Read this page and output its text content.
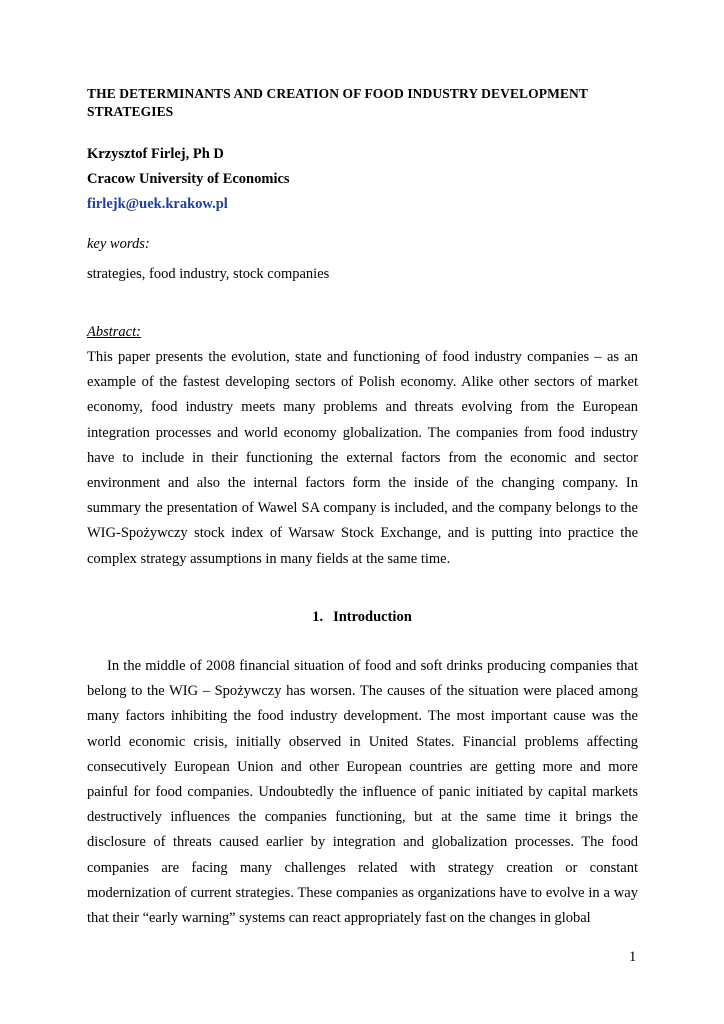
THE DETERMINANTS AND CREATION OF FOOD INDUSTRY DEVELOPMENT STRATEGIES
Krzysztof Firlej, Ph D
Cracow University of Economics
firlejk@uek.krakow.pl
key words:
strategies, food industry, stock companies
Abstract:

This paper presents the evolution, state and functioning of food industry companies – as an example of the fastest developing sectors of Polish economy. Alike other sectors of market economy, food industry meets many problems and threats evolving from the European integration processes and world economy globalization. The companies from food industry have to include in their functioning the external factors from the economic and sector environment and also the internal factors form the inside of the changing company. In summary the presentation of Wawel SA company is included, and the company belongs to the WIG-Spożywczy stock index of Warsaw Stock Exchange, and is putting into practice the complex strategy assumptions in many fields at the same time.

1. Introduction

In the middle of 2008 financial situation of food and soft drinks producing companies that belong to the WIG – Spożywczy has worsen. The causes of the situation were placed among many factors inhibiting the food industry development. The most important cause was the world economic crisis, initially observed in United States. Financial problems affecting consecutively European Union and other European countries are getting more and more painful for food companies. Undoubtedly the influence of panic initiated by capital markets destructively influences the companies functioning, but at the same time it brings the disclosure of threats caused earlier by integration and globalization processes. The food companies are facing many challenges related with strategy creation or constant modernization of current strategies. These companies as organizations have to evolve in a way that their “early warning” systems can react appropriately fast on the changes in global

1
